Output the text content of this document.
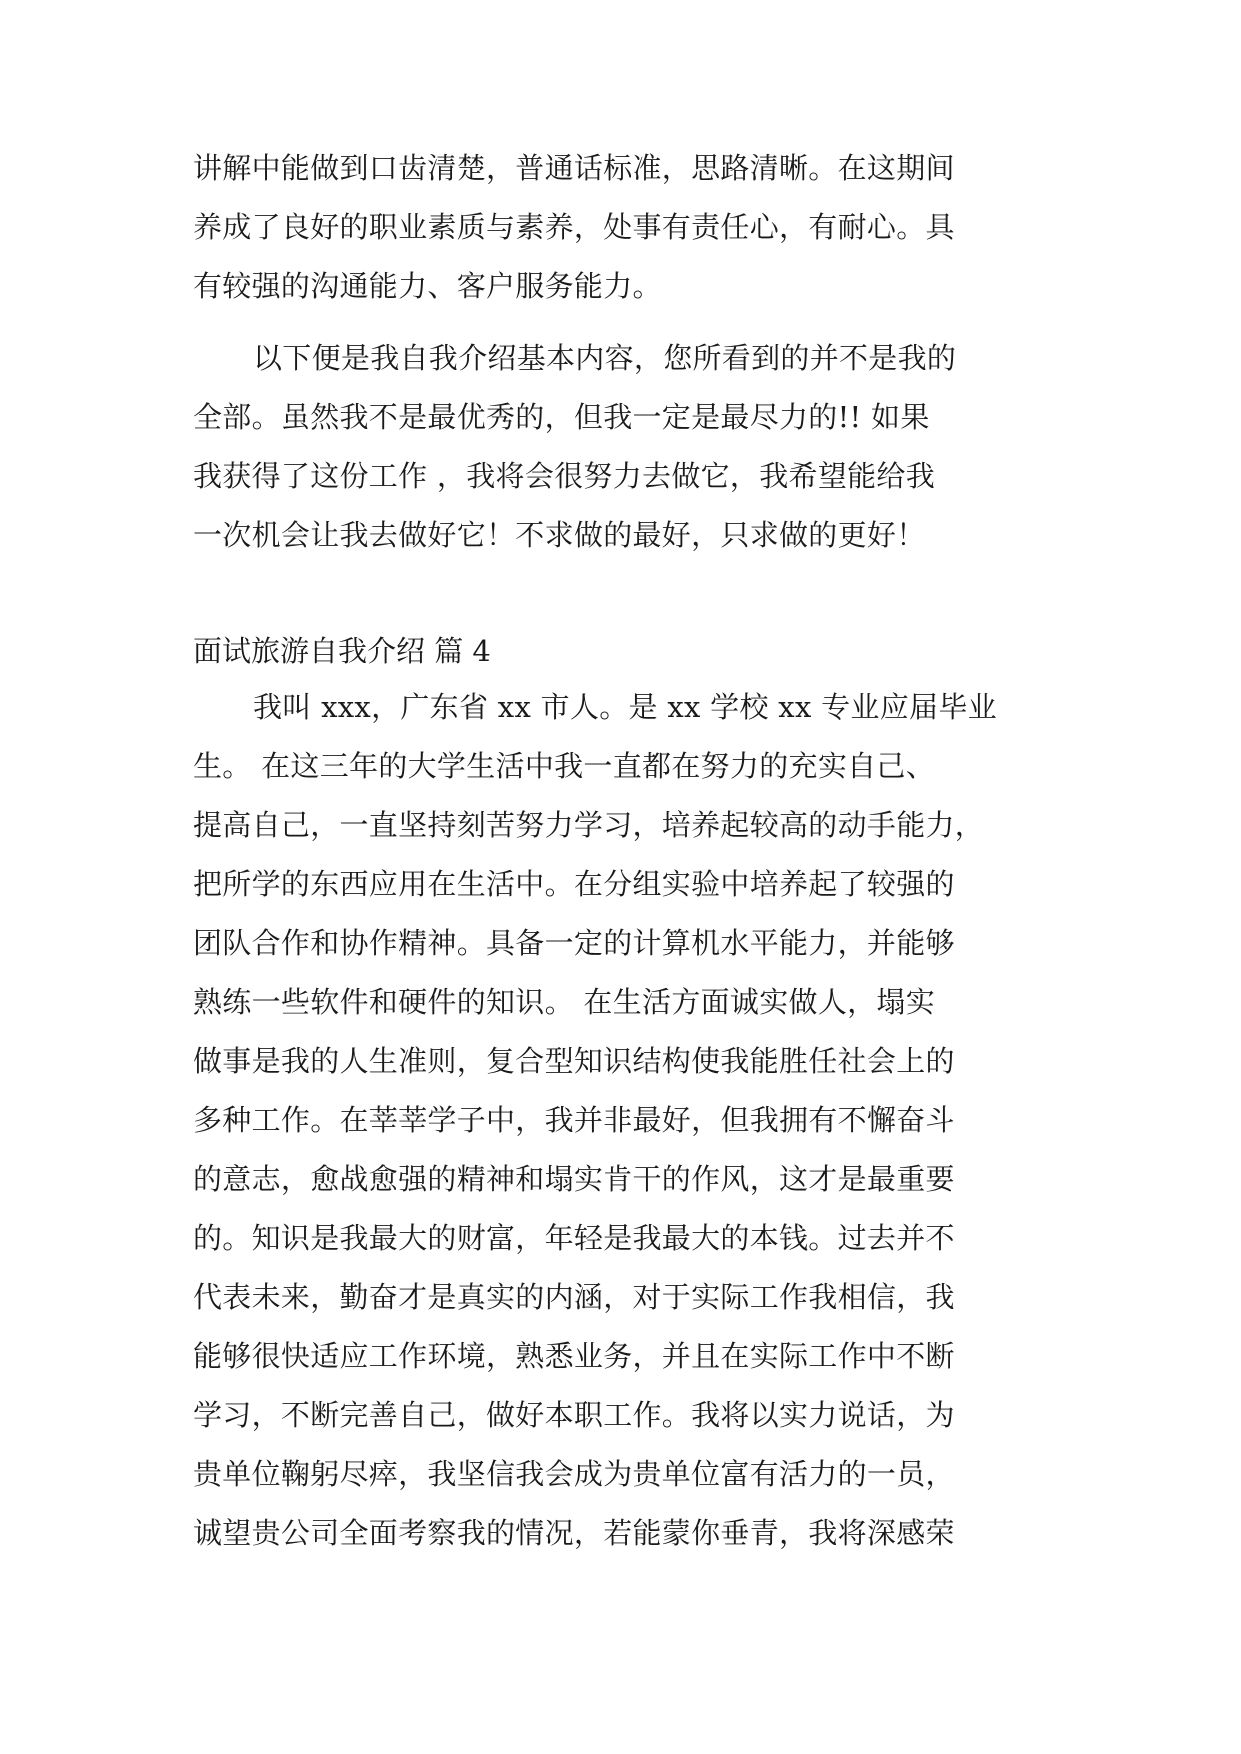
讲解中能做到口齿清楚，普通话标准，思路清晰。在这期间
养成了良好的职业素质与素养，处事有责任心，有耐心。具
有较强的沟通能力、客户服务能力。
以下便是我自我介绍基本内容，您所看到的并不是我的
全部。虽然我不是最优秀的，但我一定是最尽力的!! 如果
我获得了这份工作 ，我将会很努力去做它，我希望能给我
一次机会让我去做好它！不求做的最好，只求做的更好！
面试旅游自我介绍 篇 4
我叫 xxx，广东省 xx 市人。是 xx 学校 xx 专业应届毕业
生。 在这三年的大学生活中我一直都在努力的充实自己、
提高自己，一直坚持刻苦努力学习，培养起较高的动手能力，
把所学的东西应用在生活中。在分组实验中培养起了较强的
团队合作和协作精神。具备一定的计算机水平能力，并能够
熟练一些软件和硬件的知识。 在生活方面诚实做人，塌实
做事是我的人生准则，复合型知识结构使我能胜任社会上的
多种工作。在莘莘学子中，我并非最好，但我拥有不懈奋斗
的意志，愈战愈强的精神和塌实肯干的作风，这才是最重要
的。知识是我最大的财富，年轻是我最大的本钱。过去并不
代表未来，勤奋才是真实的内涵，对于实际工作我相信，我
能够很快适应工作环境，熟悉业务，并且在实际工作中不断
学习，不断完善自己，做好本职工作。我将以实力说话，为
贵单位鞠躬尽瘁，我坚信我会成为贵单位富有活力的一员，
诚望贵公司全面考察我的情况，若能蒙你垂青，我将深感荣
